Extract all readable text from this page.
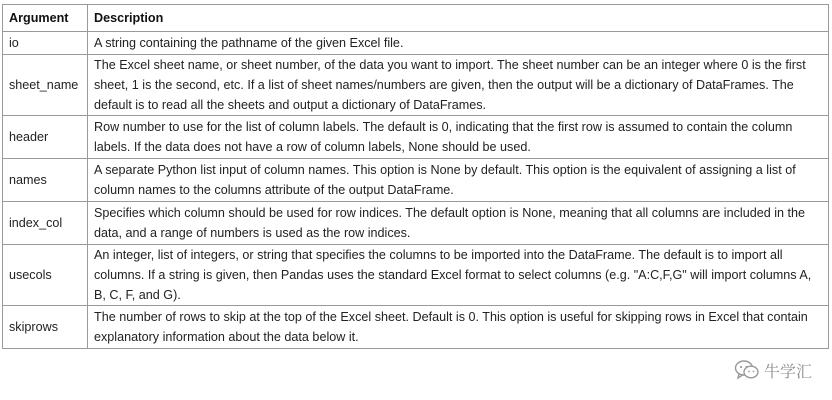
Argument	Description
io	A string containing the pathname of the given Excel file.
sheet_name	The Excel sheet name, or sheet number, of the data you want to import. The sheet number can be an integer where 0 is the first sheet, 1 is the second, etc. If a list of sheet names/numbers are given, then the output will be a dictionary of DataFrames. The default is to read all the sheets and output a dictionary of DataFrames.
header	Row number to use for the list of column labels. The default is 0, indicating that the first row is assumed to contain the column labels. If the data does not have a row of column labels, None should be used.
names	A separate Python list input of column names. This option is None by default. This option is the equivalent of assigning a list of column names to the columns attribute of the output DataFrame.
index_col	Specifies which column should be used for row indices. The default option is None, meaning that all columns are included in the data, and a range of numbers is used as the row indices.
usecols	An integer, list of integers, or string that specifies the columns to be imported into the DataFrame. The default is to import all columns. If a string is given, then Pandas uses the standard Excel format to select columns (e.g. "A:C,F,G" will import columns A, B, C, F, and G).
skiprows	The number of rows to skip at the top of the Excel sheet. Default is 0. This option is useful for skipping rows in Excel that contain explanatory information about the data below it.
牛学汇
